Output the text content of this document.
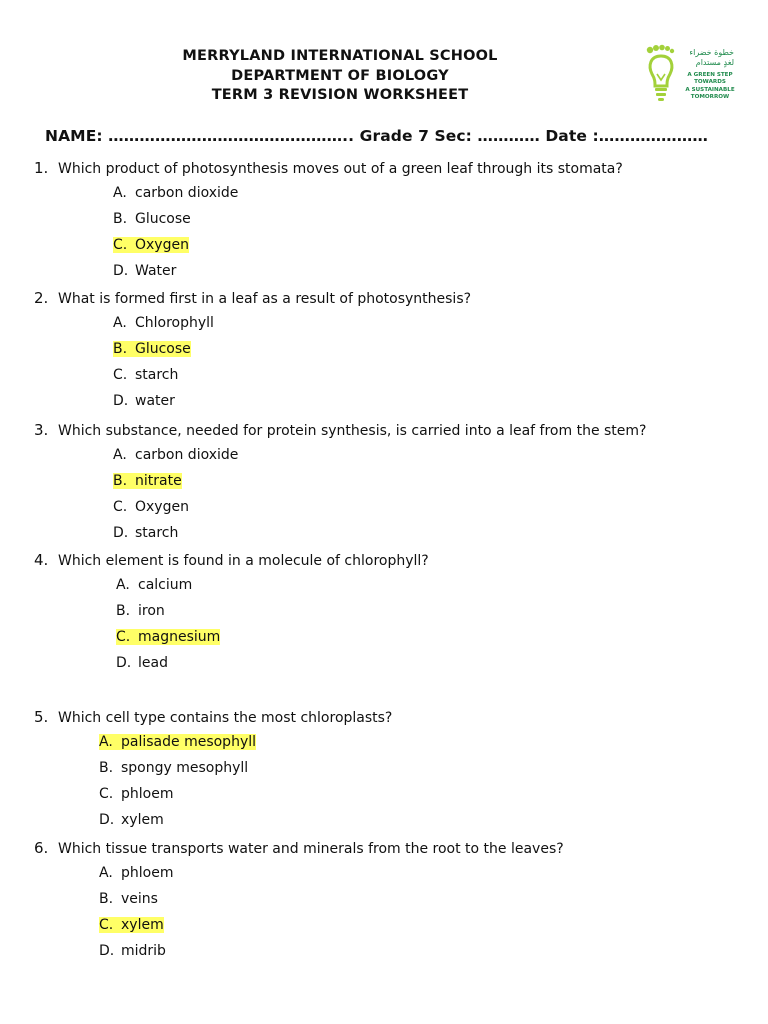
MERRYLAND INTERNATIONAL SCHOOL
DEPARTMENT OF BIOLOGY
TERM 3 REVISION WORKSHEET
خطوة خضراء
لغدٍ مستدام
A GREEN STEP
TOWARDS
A SUSTAINABLE
TOMORROW
NAME: ……………………………………….. Grade 7 Sec: ………… Date :…………………
1. Which product of photosynthesis moves out of a green leaf through its stomata?
A. carbon dioxide
B. Glucose
C. Oxygen
D. Water
2. What is formed first in a leaf as a result of photosynthesis?
A. Chlorophyll
B. Glucose
C. starch
D. water
3. Which substance, needed for protein synthesis, is carried into a leaf from the stem?
A. carbon dioxide
B. nitrate
C. Oxygen
D. starch
4. Which element is found in a molecule of chlorophyll?
A. calcium
B. iron
C. magnesium
D. lead
5. Which cell type contains the most chloroplasts?
A. palisade mesophyll
B. spongy mesophyll
C. phloem
D. xylem
6. Which tissue transports water and minerals from the root to the leaves?
A. phloem
B. veins
C. xylem
D. midrib
